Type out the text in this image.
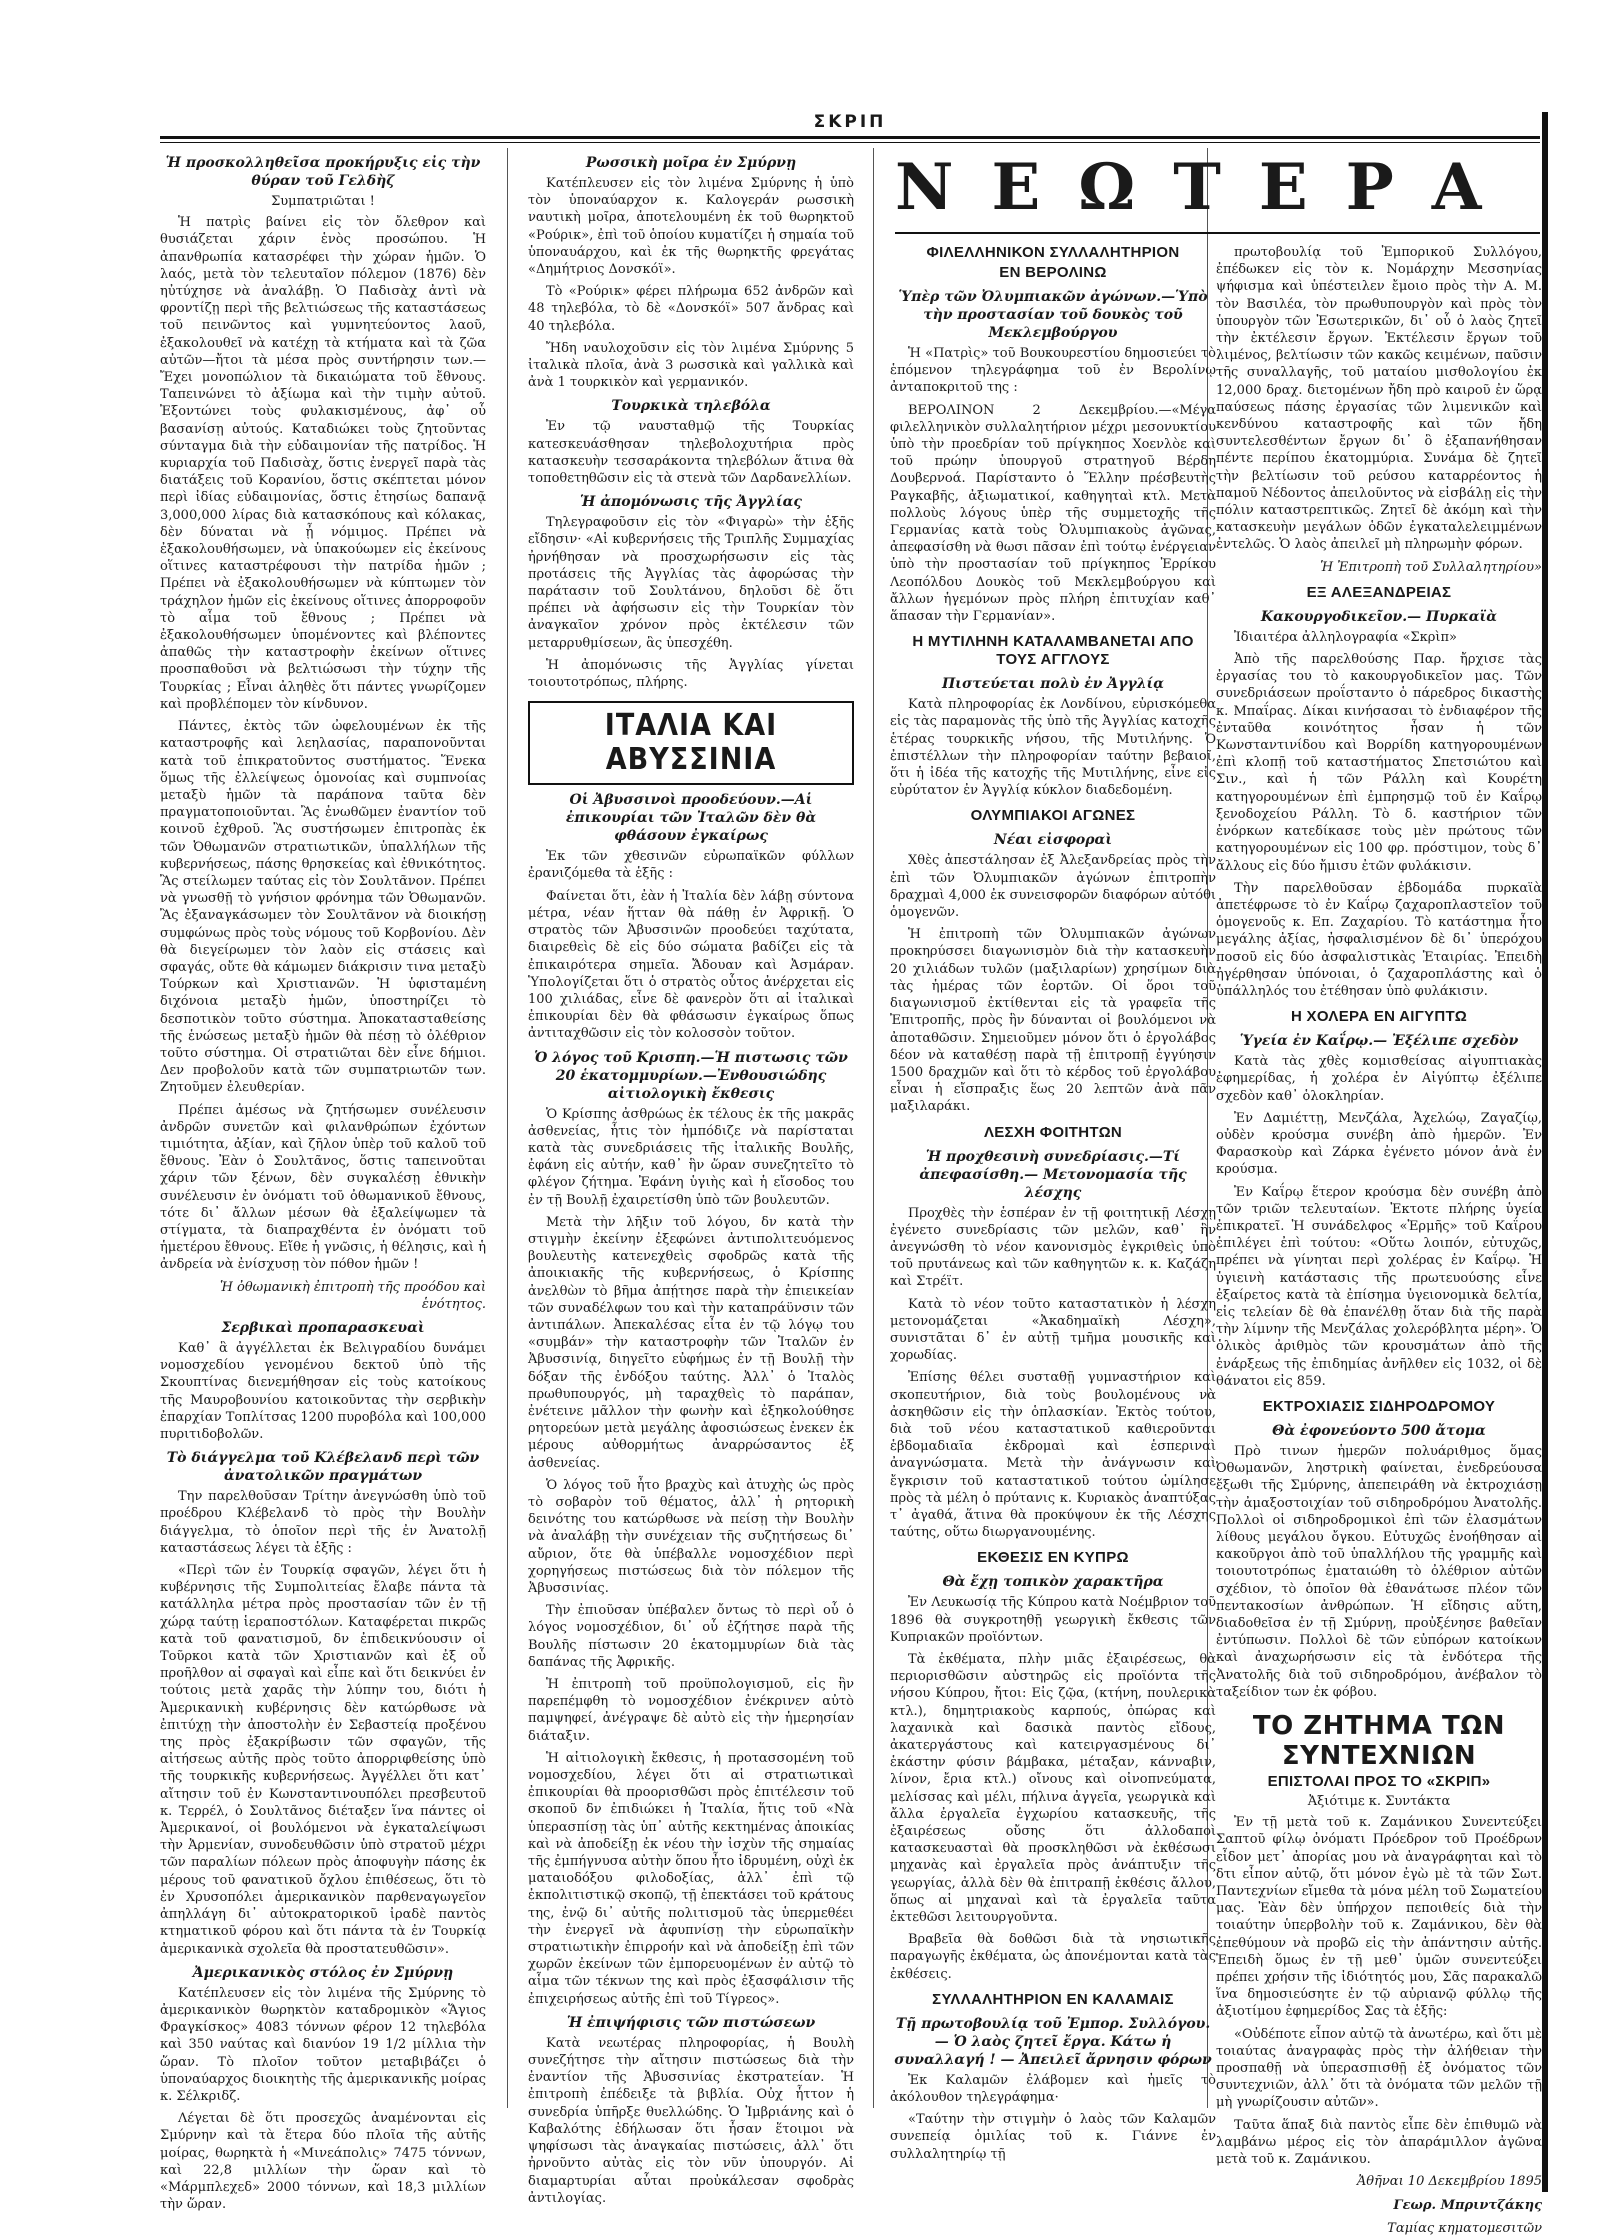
ΣΚΡΙΠ
ΝΕΩΤΕΡΑ
Ἡ προσκολληθεῖσα προκήρυξις εἰς τὴν θύραν τοῦ Γελδὴζ
Συμπατριῶται !

Ἡ πατρὶς βαίνει εἰς τὸν ὄλεθρον καὶ θυσιάζεται χάριν ἑνὸς προσώπου. Ἡ ἀπανθρωπία κατασρέφει τὴν χώραν ἡμῶν. Ὁ λαός, μετὰ τὸν τελευταῖον πόλεμον (1876) δὲν ηὐτύχησε νὰ ἀναλάβῃ. Ὁ Παδισὰχ ἀντὶ νὰ φροντίζῃ περὶ τῆς βελτιώσεως τῆς καταστάσεως τοῦ πεινῶντος καὶ γυμνητεύοντος λαοῦ, ἐξακολουθεῖ νὰ κατέχῃ τὰ κτήματα καὶ τὰ ζῶα αὐτῶν—ἤτοι τὰ μέσα πρὸς συντήρησιν των.—Ἔχει μονοπώλιον τὰ δικαιώματα τοῦ ἔθνους. Ταπεινώνει τὸ ἀξίωμα καὶ τὴν τιμὴν αὐτοῦ. Ἐξοντώνει τοὺς φυλακισμένους, ἀφ᾽ οὗ βασανίσῃ αὐτούς. Καταδιώκει τοὺς ζητοῦντας σύνταγμα διὰ τὴν εὐδαιμονίαν τῆς πατρίδος. Ἡ κυριαρχία τοῦ Παδισὰχ, ὅστις ἐνεργεῖ παρὰ τὰς διατάξεις τοῦ Κορανίου, ὅστις σκέπτεται μόνον περὶ ἰδίας εὐδαιμονίας, ὅστις ἐτησίως δαπανᾷ 3,000,000 λίρας διὰ κατασκόπους καὶ κόλακας, δὲν δύναται νὰ ᾖ νόμιμος. Πρέπει νὰ ἐξακολουθήσωμεν, νὰ ὑπακούωμεν εἰς ἐκείνους οἵτινες καταστρέφουσι τὴν πατρίδα ἡμῶν ; Πρέπει νὰ ἐξακολουθήσωμεν νὰ κύπτωμεν τὸν τράχηλον ἡμῶν εἰς ἐκείνους οἵτινες ἀπορροφοῦν τὸ αἷμα τοῦ ἔθνους ; Πρέπει νὰ ἐξακολουθήσωμεν ὑπομένοντες καὶ βλέποντες ἀπαθῶς τὴν καταστροφὴν ἐκείνων οἵτινες προσπαθοῦσι νὰ βελτιώσωσι τὴν τύχην τῆς Τουρκίας ; Εἶναι ἀληθὲς ὅτι πάντες γνωρίζομεν καὶ προβλέπομεν τὸν κίνδυνον.

Πάντες, ἐκτὸς τῶν ὠφελουμένων ἐκ τῆς καταστροφῆς καὶ λεηλασίας, παραπονοῦνται κατὰ τοῦ ἐπικρατοῦντος συστήματος. Ἕνεκα ὅμως τῆς ἐλλείψεως ὁμονοίας καὶ συμπνοίας μεταξὺ ἡμῶν τὰ παράπονα ταῦτα δὲν πραγματοποιοῦνται. Ἂς ἑνωθῶμεν ἐναντίον τοῦ κοινοῦ ἐχθροῦ. Ἂς συστήσωμεν ἐπιτροπὰς ἐκ τῶν Ὀθωμανῶν στρατιωτικῶν, ὑπαλλήλων τῆς κυβερνήσεως, πάσης θρησκείας καὶ ἐθνικότητος. Ἂς στείλωμεν ταύτας εἰς τὸν Σουλτᾶνον. Πρέπει νὰ γνωσθῇ τὸ γνήσιον φρόνημα τῶν Ὀθωμανῶν. Ἂς ἐξαναγκάσωμεν τὸν Σουλτᾶνον νὰ διοικήσῃ συμφώνως πρὸς τοὺς νόμους τοῦ Κορβονίου. Δὲν θὰ διεγείρωμεν τὸν λαὸν εἰς στάσεις καὶ σφαγάς, οὔτε θὰ κάμωμεν διάκρισιν τινα μεταξὺ Τούρκων καὶ Χριστιανῶν. Ἡ ὑφισταμένη διχόνοια μεταξὺ ἡμῶν, ὑποστηρίζει τὸ δεσποτικὸν τοῦτο σύστημα. Ἀποκατασταθείσης τῆς ἑνώσεως μεταξὺ ἡμῶν θὰ πέσῃ τὸ ὀλέθριον τοῦτο σύστημα. Οἱ στρατιῶται δὲν εἶνε δήμιοι. Δεν προβολοῦν κατὰ τῶν συμπατριωτῶν των. Ζητοῦμεν ἐλευθερίαν.

Πρέπει ἀμέσως νὰ ζητήσωμεν συνέλευσιν ἀνδρῶν συνετῶν καὶ φιλανθρώπων ἐχόντων τιμιότητα, ἀξίαν, καὶ ζῆλον ὑπὲρ τοῦ καλοῦ τοῦ ἔθνους. Ἐὰν ὁ Σουλτᾶνος, ὅστις ταπεινοῦται χάριν τῶν ξένων, δὲν συγκαλέσῃ ἐθνικὴν συνέλευσιν ἐν ὀνόματι τοῦ ὀθωμανικοῦ ἔθνους, τότε δι᾽ ἄλλων μέσων θὰ ἐξαλείψωμεν τὰ στίγματα, τὰ διαπραχθέντα ἐν ὀνόματι τοῦ ἡμετέρου ἔθνους. Εἴθε ἡ γνῶσις, ἡ θέλησις, καὶ ἡ ἀνδρεία νὰ ἐνίσχυσῃ τὸν πόθον ἡμῶν !

Ἡ ὀθωμανικὴ ἐπιτροπὴ τῆς προόδου καὶ ἑνότητος.
Σερβικαὶ προπαρασκευαὶ

Καθ᾽ ἃ ἀγγέλλεται ἐκ Βελιγραδίου δυνάμει νομοσχεδίου γενομένου δεκτοῦ ὑπὸ τῆς Σκουπτίνας διενεμήθησαν εἰς τοὺς κατοίκους τῆς Μαυροβουνίου κατοικοῦντας τὴν σερβικὴν ἐπαρχίαν Τοπλίτσας 1200 πυροβόλα καὶ 100,000 πυριτιδοβολῶν.

Τὸ διάγγελμα τοῦ Κλέβελανδ περὶ τῶν ἀνατολικῶν πραγμάτων

Την παρελθοῦσαν Τρίτην ἀνεγνώσθη ὑπὸ τοῦ προέδρου Κλέβελανδ τὸ πρὸς τὴν Βουλὴν διάγγελμα, τὸ ὁποῖον περὶ τῆς ἐν Ἀνατολῇ καταστάσεως λέγει τὰ ἑξῆς :

«Περὶ τῶν ἐν Τουρκίᾳ σφαγῶν, λέγει ὅτι ἡ κυβέρνησις τῆς Συμπολιτείας ἔλαβε πάντα τὰ κατάλληλα μέτρα πρὸς προστασίαν τῶν ἐν τῇ χώρᾳ ταύτῃ ἱεραποστόλων. Καταφέρεται πικρῶς κατὰ τοῦ φανατισμοῦ, δν ἐπιδεικνύουσιν οἱ Τοῦρκοι κατὰ τῶν Χριστιανῶν καὶ ἐξ οὗ προῆλθον αἱ σφαγαὶ καὶ εἶπε καὶ ὅτι δεικνύει ἐν τούτοις μετὰ χαρᾶς τὴν λύπην του, διότι ἡ Ἀμερικανικὴ κυβέρνησις δὲν κατώρθωσε νὰ ἐπιτύχῃ τὴν ἀποστολὴν ἐν Σεβαστείᾳ προξένου της πρὸς ἐξακρίβωσιν τῶν σφαγῶν, τῆς αἰτήσεως αὐτῆς πρὸς τοῦτο ἀπορριφθείσης ὑπὸ τῆς τουρκικῆς κυβερνήσεως. Ἀγγέλλει ὅτι κατ᾽ αἴτησιν τοῦ ἐν Κωνσταντινουπόλει πρεσβευτοῦ κ. Τερρέλ, ὁ Σουλτᾶνος διέταξεν ἵνα πάντες οἱ Ἀμερικανοί, οἱ βουλόμενοι νὰ ἐγκαταλείψωσι τὴν Ἀρμενίαν, συνοδευθῶσιν ὑπὸ στρατοῦ μέχρι τῶν παραλίων πόλεων πρὸς ἀποφυγὴν πάσης ἐκ μέρους τοῦ φανατικοῦ ὄχλου ἐπιθέσεως, ὅτι τὸ ἐν Χρυσοπόλει ἀμερικανικὸν παρθεναγωγεῖον ἀπηλλάγη δι᾽ αὐτοκρατορικοῦ ἰραδὲ παντὸς κτηματικοῦ φόρου καὶ ὅτι πάντα τὰ ἐν Τουρκίᾳ ἀμερικανικὰ σχολεῖα θὰ προστατευθῶσιν».

Ἀμερικανικὸς στόλος ἐν Σμύρνῃ

Κατέπλευσεν εἰς τὸν λιμένα τῆς Σμύρνης τὸ ἀμερικανικὸν θωρηκτὸν καταδρομικὸν «Ἅγιος Φραγκίσκος» 4083 τόννων φέρον 12 τηλεβόλα καὶ 350 ναύτας καὶ διανύον 19 1/2 μίλλια τὴν ὥραν. Τὸ πλοῖον τοῦτον μεταβιβάζει ὁ ὑποναύαρχος διοικητὴς τῆς ἀμερικανικῆς μοίρας κ. Σέλκριδζ.

Λέγεται δὲ ὅτι προσεχῶς ἀναμένονται εἰς Σμύρνην καὶ τὰ ἕτερα δύο πλοῖα τῆς αὐτῆς μοίρας, θωρηκτὰ ἡ «Μινεάπολις» 7475 τόννων, καὶ 22,8 μιλλίων τὴν ὥραν καὶ τὸ «Μάρμπλεχεδ» 2000 τόννων, καὶ 18,3 μιλλίων τὴν ὥραν.

Ρωσσικὴ μοῖρα ἐν Σμύρνῃ

Κατέπλευσεν εἰς τὸν λιμένα Σμύρνης ἡ ὑπὸ τὸν ὑποναύαρχον κ. Καλογεράν ρωσσικὴ ναυτικὴ μοῖρα, ἀποτελουμένη ἐκ τοῦ θωρηκτοῦ «Ρούρικ», ἐπὶ τοῦ ὁποίου κυματίζει ἡ σημαία τοῦ ὑποναυάρχου, καὶ ἐκ τῆς θωρηκτῆς φρεγάτας «Δημήτριος Δονσκόϊ».

Τὸ «Ρούρικ» φέρει πλήρωμα 652 ἀνδρῶν καὶ 48 τηλεβόλα, τὸ δὲ «Δονσκόϊ» 507 ἄνδρας καὶ 40 τηλεβόλα.

Ἤδη ναυλοχοῦσιν εἰς τὸν λιμένα Σμύρνης 5 ἰταλικὰ πλοῖα, ἀνὰ 3 ρωσσικὰ καὶ γαλλικὰ καὶ ἀνὰ 1 τουρκικὸν καὶ γερμανικόν.

Τουρκικὰ τηλεβόλα

Ἐν τῷ ναυσταθμῷ τῆς Τουρκίας κατεσκευάσθησαν τηλεβολοχυτήρια πρὸς κατασκευὴν τεσσαράκοντα τηλεβόλων ἅτινα θὰ τοποθετηθῶσιν εἰς τὰ στενὰ τῶν Δαρδανελλίων.

Ἡ ἀπομόνωσις τῆς Ἀγγλίας

Τηλεγραφοῦσιν εἰς τὸν «Φιγαρὼ» τὴν ἑξῆς εἴδησιν· «Αἱ κυβερνήσεις τῆς Τριπλῆς Συμμαχίας ἠρνήθησαν νὰ προσχωρήσωσιν εἰς τὰς προτάσεις τῆς Ἀγγλίας τὰς ἀφορώσας τὴν παράτασιν τοῦ Σουλτάνου, δηλοῦσι δὲ ὅτι πρέπει νὰ ἀφήσωσιν εἰς τὴν Τουρκίαν τὸν ἀναγκαῖον χρόνον πρὸς ἐκτέλεσιν τῶν μεταρρυθμίσεων, ἃς ὑπεσχέθη.

Ἡ ἀπομόνωσις τῆς Ἀγγλίας γίνεται τοιουτοτρόπως, πλήρης.

ΙΤΑΛΙΑ ΚΑΙ ΑΒΥΣΣΙΝΙΑ
Οἱ Ἀβυσσινοὶ προοδεύουν.—Αἱ ἐπικουρίαι τῶν Ἰταλῶν δὲν θὰ φθάσουν ἐγκαίρως

Ἐκ τῶν χθεσινῶν εὐρωπαϊκῶν φύλλων ἐρανιζόμεθα τὰ ἑξῆς :

Φαίνεται ὅτι, ἐὰν ἡ Ἰταλία δὲν λάβῃ σύντονα μέτρα, νέαν ἥτταν θὰ πάθῃ ἐν Ἀφρικῇ. Ὁ στρατὸς τῶν Ἀβυσσινῶν προοδεύει ταχύτατα, διαιρεθεὶς δὲ εἰς δύο σώματα βαδίζει εἰς τὰ ἐπικαιρότερα σημεῖα. Ἄδουαν καὶ Ἀσμάραν. Ὑπολογίζεται ὅτι ὁ στρατὸς οὗτος ἀνέρχεται εἰς 100 χιλιάδας, εἶνε δὲ φανερὸν ὅτι αἱ ἰταλικαὶ ἐπικουρίαι δὲν θὰ φθάσωσιν ἐγκαίρως ὅπως ἀντιταχθῶσιν εἰς τὸν κολοσσὸν τοῦτον.

Ὁ λόγος τοῦ Κρισπη.—Ἡ πιστωσις τῶν 20 ἑκατομμυρίων.—Ἐνθουσιώδης αἰτιολογικὴ ἔκθεσις

Ὁ Κρίσπης ἀσθρώως ἐκ τέλους ἐκ τῆς μακρᾶς ἀσθενείας, ἧτις τὸν ἠμπόδιζε νὰ παρίσταται κατὰ τὰς συνεδριάσεις τῆς ἰταλικῆς Βουλῆς, ἐφάνη εἰς αὐτήν, καθ᾽ ἣν ὥραν συνεζητεῖτο τὸ φλέγον ζήτημα. Ἐφάνη ὑγιὴς καὶ ἡ εἴσοδος του ἐν τῇ Βουλῇ ἐχαιρετίσθη ὑπὸ τῶν βουλευτῶν.

Μετὰ τὴν λῆξιν τοῦ λόγου, δν κατὰ τὴν στιγμὴν ἐκείνην ἐξεφώνει ἀντιπολιτευόμενος βουλευτὴς κατενεχθεὶς σφοδρῶς κατὰ τῆς ἀποικιακῆς τῆς κυβερνήσεως, ὁ Κρίσπης ἀνελθὼν τὸ βῆμα ἀπῄτησε παρὰ τὴν ἐπιεικείαν τῶν συναδέλφων του καὶ τὴν καταπράϋνσιν τῶν ἀντιπάλων. Ἀπεκαλέσας εἶτα ἐν τῷ λόγῳ του «συμβάν» τὴν καταστροφὴν τῶν Ἰταλῶν ἐν Ἀβυσσινίᾳ, διηγεῖτο εὐφήμως ἐν τῇ Βουλῇ τὴν δόξαν τῆς ἐνδόξου ταύτης. Ἀλλ᾽ ὁ Ἰταλὸς πρωθυπουργός, μὴ ταραχθεὶς τὸ παράπαν, ἐνέτεινε μᾶλλον τὴν φωνὴν καὶ ἐξηκολούθησε ρητορεύων μετὰ μεγάλης ἀφοσιώσεως ἐνεκεν ἐκ μέρους αὐθορμήτως ἀναρρώσαντος ἐξ ἀσθενείας.

Ὁ λόγος τοῦ ἦτο βραχὺς καὶ ἀτυχὴς ὡς πρὸς τὸ σοβαρὸν τοῦ θέματος, ἀλλ᾽ ἡ ρητορικὴ δεινότης του κατώρθωσε νὰ πείσῃ τὴν Βουλὴν νὰ ἀναλάβῃ τὴν συνέχειαν τῆς συζητήσεως δι᾽ αὔριον, ὅτε θὰ ὑπέβαλλε νομοσχέδιον περὶ χορηγήσεως πιστώσεως διὰ τὸν πόλεμον τῆς Ἀβυσσινίας.

Τὴν ἐπιοῦσαν ὑπέβαλεν ὄντως τὸ περὶ οὗ ὁ λόγος νομοσχέδιον, δι᾽ οὗ ἐζήτησε παρὰ τῆς Βουλῆς πίστωσιν 20 ἑκατομμυρίων διὰ τὰς δαπάνας τῆς Ἀφρικῆς.

Ἡ ἐπιτροπὴ τοῦ προϋπολογισμοῦ, εἰς ἣν παρεπέμφθη τὸ νομοσχέδιον ἐνέκρινεν αὐτὸ παμψηφεί, ἀνέγραψε δὲ αὐτὸ εἰς τὴν ἡμερησίαν διάταξιν.

Ἡ αἰτιολογικὴ ἔκθεσις, ἡ προτασσομένη τοῦ νομοσχεδίου, λέγει ὅτι αἱ στρατιωτικαὶ ἐπικουρίαι θὰ προορισθῶσι πρὸς ἐπιτέλεσιν τοῦ σκοποῦ δν ἐπιδιώκει ἡ Ἰταλία, ἥτις τοῦ «Νὰ ὑπερασπίσῃ τὰς ὑπ᾽ αὐτῆς κεκτημένας ἀποικίας καὶ νὰ ἀποδείξῃ ἐκ νέου τὴν ἰσχὺν τῆς σημαίας τῆς ἐμπήγνυσα αὐτὴν ὅπου ἦτο ἰδρυμένη, οὐχὶ ἐκ ματαιοδόξου φιλοδοξίας, ἀλλ᾽ ἐπὶ τῷ ἐκπολιτιστικῷ σκοπῷ, τῇ ἐπεκτάσει τοῦ κράτους της, ἐνῷ δι᾽ αὐτῆς πολιτισμοῦ τὰς ὑπερμεθέει τὴν ἐνεργεῖ νὰ ἀφυπνίσῃ τὴν εὐρωπαϊκὴν στρατιωτικὴν ἐπιρροήν καὶ νὰ ἀποδείξῃ ἐπὶ τῶν χωρῶν ἐκείνων τῶν ἐμπορευομένων ἐν αὐτῷ τὸ αἷμα τῶν τέκνων της καὶ πρὸς ἐξασφάλισιν τῆς ἐπιχειρήσεως αὐτῆς ἐπὶ τοῦ Τίγρεος».

Ἡ ἐπιψήφισις τῶν πιστώσεων

Κατὰ νεωτέρας πληροφορίας, ἡ Βουλὴ συνεζήτησε τὴν αἴτησιν πιστώσεως διὰ τὴν ἐναντίον τῆς Ἀβυσσινίας ἐκστρατείαν. Ἡ ἐπιτροπὴ ἐπέδειξε τὰ βιβλία. Οὐχ ἧττον ἡ συνεδρία ὑπῆρξε θυελλώδης. Ὁ Ἰμβριάνης καὶ ὁ Καβαλότης ἐδήλωσαν ὅτι ἦσαν ἕτοιμοι νὰ ψηφίσωσι τὰς ἀναγκαίας πιστώσεις, ἀλλ᾽ ὅτι ἠρνοῦντο αὐτὰς εἰς τὸν νῦν ὑπουργόν. Αἱ διαμαρτυρίαι αὗται προὐκάλεσαν σφοδρὰς ἀντιλογίας.

ΦΙΛΕΛΛΗΝΙΚΟΝ ΣΥΛΛΑΛΗΤΗΡΙΟΝ
ΕΝ ΒΕΡΟΛΙΝΩ
Ὑπὲρ τῶν Ὀλυμπιακῶν ἀγώνων.—Ὑπὸ τὴν προστασίαν τοῦ δουκὸς τοῦ Μεκλεμβούργου

Ἡ «Πατρὶς» τοῦ Βουκουρεστίου δημοσιεύει τὸ ἑπόμενον τηλεγράφημα τοῦ ἐν Βερολίνῳ ἀνταποκριτοῦ της :

ΒΕΡΟΛΙΝΟΝ 2 Δεκεμβρίου.—«Μέγα φιλελληνικὸν συλλαλητήριον μέχρι μεσονυκτίου ὑπὸ τὴν προεδρίαν τοῦ πρίγκηπος Χοενλὸε καὶ τοῦ πρώην ὑπουργοῦ στρατηγοῦ Βέρδη Δουβερνοά. Παρίσταντο ὁ Ἕλλην πρέσβευτὴς Ραγκαβῆς, ἀξιωματικοί, καθηγηταὶ κτλ. Μετὰ πολλοὺς λόγους ὑπὲρ τῆς συμμετοχῆς τῆς Γερμανίας κατὰ τοὺς Ὀλυμπιακοὺς ἀγῶνας, ἀπεφασίσθη νὰ θωσι πᾶσαν ἐπὶ τούτῳ ἐνέργειαν ὑπὸ τὴν προστασίαν τοῦ πρίγκηπος Ἐρρίκου Λεοπόλδου Δουκὸς τοῦ Μεκλεμβούργου καὶ ἄλλων ἡγεμόνων πρὸς πλήρη ἐπιτυχίαν καθ᾽ ἅπασαν τὴν Γερμανίαν».

Η ΜΥΤΙΛΗΝΗ ΚΑΤΑΛΑΜΒΑΝΕΤΑΙ ΑΠΟ ΤΟΥΣ ΑΓΓΛΟΥΣ
Πιστεύεται πολὺ ἐν Ἀγγλίᾳ

Κατὰ πληροφορίας ἐκ Λονδίνου, εὑρισκόμεθα εἰς τὰς παραμονὰς τῆς ὑπὸ τῆς Ἀγγλίας κατοχῆς ἑτέρας τουρκικῆς νήσου, τῆς Μυτιλήνης. Ὁ ἐπιστέλλων τὴν πληροφορίαν ταύτην βεβαιοῖ, ὅτι ἡ ἰδέα τῆς κατοχῆς τῆς Μυτιλήνης, εἶνε εἰς εὐρύτατον ἐν Ἀγγλίᾳ κύκλον διαδεδομένη.

ΟΛΥΜΠΙΑΚΟΙ ΑΓΩΝΕΣ
Νέαι εἰσφοραὶ

Χθὲς ἀπεστάλησαν ἐξ Ἀλεξανδρείας πρὸς τὴν ἐπὶ τῶν Ὀλυμπιακῶν ἀγώνων ἐπιτροπὴν δραχμαὶ 4,000 ἐκ συνεισφορῶν διαφόρων αὐτόθι ὁμογενῶν.

Ἡ ἐπιτροπὴ τῶν Ὀλυμπιακῶν ἀγώνων προκηρύσσει διαγωνισμὸν διὰ τὴν κατασκευὴν 20 χιλιάδων τυλῶν (μαξιλαρίων) χρησίμων διὰ τὰς ἡμέρας τῶν ἑορτῶν. Οἱ ὅροι τοῦ διαγωνισμοῦ ἐκτίθενται εἰς τὰ γραφεῖα τῆς Ἐπιτροπῆς, πρὸς ἣν δύνανται οἱ βουλόμενοι νὰ ἀποταθῶσιν. Σημειοῦμεν μόνον ὅτι ὁ ἐργολάβος δέον νὰ καταθέσῃ παρὰ τῇ ἐπιτροπῇ ἐγγύησιν 1500 δραχμῶν καὶ ὅτι τὸ κέρδος τοῦ ἐργολάβου εἶναι ἡ εἴσπραξις ἕως 20 λεπτῶν ἀνὰ πᾶν μαξιλαράκι.

ΛΕΣΧΗ ΦΟΙΤΗΤΩΝ
Ἡ προχθεσινὴ συνεδρίασις.—Τί ἀπεφασίσθη.— Μετονομασία τῆς λέσχης

Προχθὲς τὴν ἑσπέραν ἐν τῇ φοιτητικῇ Λέσχῃ ἐγένετο συνεδρίασις τῶν μελῶν, καθ᾽ ἣν ἀνεγνώσθη τὸ νέον κανονισμὸς ἐγκριθεὶς ὑπὸ τοῦ πρυτάνεως καὶ τῶν καθηγητῶν κ. κ. Καζάζη καὶ Στρέϊτ.

Κατὰ τὸ νέον τοῦτο καταστατικὸν ἡ λέσχη μετονομάζεται «Ἀκαδημαϊκὴ Λέσχη», συνιστᾶται δ᾽ ἐν αὐτῇ τμῆμα μουσικῆς καὶ χορωδίας.

Ἐπίσης θέλει συσταθῇ γυμναστήριον καὶ σκοπευτήριον, διὰ τοὺς βουλομένους νὰ ἀσκηθῶσιν εἰς τὴν ὁπλασκίαν. Ἐκτὸς τούτου, διὰ τοῦ νέου καταστατικοῦ καθιεροῦνται ἑβδομαδιαῖα ἐκδρομαὶ καὶ ἑσπεριναὶ ἀναγνώσματα. Μετὰ τὴν ἀνάγνωσιν καὶ ἔγκρισιν τοῦ καταστατικοῦ τούτου ὡμίλησε πρὸς τὰ μέλη ὁ πρύτανις κ. Κυριακὸς ἀναπτύξας τ᾽ ἀγαθά, ἅτινα θὰ προκύψουν ἐκ τῆς Λέσχης ταύτης, οὕτω διωργανουμένης.

ΕΚΘΕΣΙΣ ΕΝ ΚΥΠΡΩ
Θὰ ἔχῃ τοπικὸν χαρακτῆρα

Ἐν Λευκωσίᾳ τῆς Κύπρου κατὰ Νοέμβριον τοῦ 1896 θὰ συγκροτηθῇ γεωργικὴ ἔκθεσις τῶν Κυπριακῶν προϊόντων.

Τὰ ἐκθέματα, πλὴν μιᾶς ἐξαιρέσεως, θὰ περιορισθῶσιν αὐστηρῶς εἰς προϊόντα τῆς νήσου Κύπρου, ἤτοι: Εἰς ζῷα, (κτήνη, πουλερικὰ κτλ.), δημητριακοὺς καρπούς, ὀπώρας καὶ λαχανικὰ καὶ δασικὰ παντὸς εἴδους, ἀκατεργάστους καὶ κατειργασμένους δι᾽ ἑκάστην φύσιν βάμβακα, μέταξαν, κάνναβιν, λίνον, ἔρια κτλ.) οἴνους καὶ οἰνοπνεύματα, μελίσσας καὶ μέλι, πήλινα ἀγγεῖα, γεωργικὰ καὶ ἄλλα ἐργαλεῖα ἐγχωρίου κατασκευῆς, τῆς ἐξαιρέσεως οὔσης ὅτι ἀλλοδαποὶ κατασκευασταὶ θὰ προσκληθῶσι νὰ ἐκθέσωσι μηχανὰς καὶ ἐργαλεῖα πρὸς ἀνάπτυξιν τῆς γεωργίας, ἀλλὰ δὲν θὰ ἐπιτραπῇ ἐκθέσις ἄλλου, ὅπως αἱ μηχαναὶ καὶ τὰ ἐργαλεῖα ταῦτα ἐκτεθῶσι λειτουργοῦντα.

Βραβεῖα θὰ δοθῶσι διὰ τὰ νησιωτικῆς παραγωγῆς ἐκθέματα, ὡς ἀπονέμονται κατὰ τὰς ἐκθέσεις.

ΣΥΛΛΑΛΗΤΗΡΙΟΝ ΕΝ ΚΑΛΑΜΑΙΣ
Τῇ πρωτοβουλίᾳ τοῦ Ἐμπορ. Συλλόγου.— Ὁ λαὸς ζητεῖ ἔργα. Κάτω ἡ συναλλαγή ! — Ἀπειλεῖ ἄρνησιν φόρων

Ἐκ Καλαμῶν ἐλάβομεν καὶ ἠμεῖς τὸ ἀκόλουθον τηλεγράφημα·

«Ταύτην τὴν στιγμὴν ὁ λαὸς τῶν Καλαμῶν συνεπείᾳ ὁμιλίας τοῦ κ. Γιάννε ἐν συλλαλητηρίῳ τῇ

πρωτοβουλίᾳ τοῦ Ἐμπορικοῦ Συλλόγου, ἐπέδωκεν εἰς τὸν κ. Νομάρχην Μεσσηνίας ψήφισμα καὶ ὑπέστειλεν ἔμοιο πρὸς τὴν Α. Μ. τὸν Βασιλέα, τὸν πρωθυπουργὸν καὶ πρὸς τὸν ὑπουργὸν τῶν Ἐσωτερικῶν, δι᾽ οὗ ὁ λαὸς ζητεῖ τὴν ἐκτέλεσιν ἔργων. Ἐκτέλεσιν ἔργων τοῦ λιμένος, βελτίωσιν τῶν κακῶς κειμένων, παῦσιν τῆς συναλλαγῆς, τοῦ ματαίου μισθολογίου ἐκ 12,000 δραχ. διετομένων ἤδη πρὸ καιροῦ ἐν ὥρᾳ παύσεως πάσης ἐργασίας τῶν λιμενικῶν καὶ κενδύνου καταστροφῆς καὶ τῶν ἤδη συντελεσθέντων ἔργων δι᾽ ὃ ἐξαπανήθησαν πέντε περίπου ἑκατομμύρια. Συνάμα δὲ ζητεῖ τὴν βελτίωσιν τοῦ ρεύσου καταρρέοντος ἡ παμοῦ Νέδοντος ἀπειλοῦντος νὰ εἰσβάλῃ εἰς τὴν πόλιν καταστρεπτικῶς. Ζητεῖ δὲ ἀκόμη καὶ τὴν κατασκευὴν μεγάλων ὁδῶν ἐγκαταλελειμμένων ἐντελῶς. Ὁ λαὸς ἀπειλεῖ μὴ πληρωμὴν φόρων.

Ἡ Ἐπιτροπὴ τοῦ Συλλαλητηρίου»
ΕΞ ΑΛΕΞΑΝΔΡΕΙΑΣ
Κακουργοδικεῖον.— Πυρκαϊὰ

Ἰδιαιτέρα ἀλληλογραφία «Σκρὶπ»

Ἀπὸ τῆς παρελθούσης Παρ. ἤρχισε τὰς ἐργασίας του τὸ κακουργοδικεῖον μας. Τῶν συνεδριάσεων προΐσταντο ὁ πάρεδρος δικαστὴς κ. Μπαΐρας. Δίκαι κινήσασαι τὸ ἐνδιαφέρον τῆς ἐνταῦθα κοινότητος ἦσαν ἡ τῶν Κωνσταντινίδου καὶ Βορρίδη κατηγορουμένων ἐπὶ κλοπῇ τοῦ καταστήματος Σπετσιώτου καὶ Σιν., καὶ ἡ τῶν Ράλλη καὶ Κουρέτη κατηγορουμένων ἐπὶ ἐμπρησμῷ τοῦ ἐν Καΐρῳ ξενοδοχείου Ράλλη. Τὸ δ. καστήριον τῶν ἐνόρκων κατεδίκασε τοὺς μὲν πρώτους τῶν κατηγορουμένων εἰς 100 φρ. πρόστιμον, τοὺς δ᾽ ἄλλους εἰς δύο ἤμισυ ἐτῶν φυλάκισιν.

Τὴν παρελθοῦσαν ἑβδομάδα πυρκαϊὰ ἀπετέφρωσε τὸ ἐν Καΐρῳ ζαχαροπλαστεῖον τοῦ ὁμογενοῦς κ. Επ. Ζαχαρίου. Τὸ κατάστημα ἦτο μεγάλης ἀξίας, ἠσφαλισμένον δὲ δι᾽ ὑπερόχου ποσοῦ εἰς δύο ἀσφαλιστικὰς Ἑταιρίας. Ἐπειδὴ ἠγέρθησαν ὑπόνοιαι, ὁ ζαχαροπλάστης καὶ ὁ ὑπάλληλός του ἐτέθησαν ὑπὸ φυλάκισιν.

Η ΧΟΛΕΡΑ ΕΝ ΑΙΓΥΠΤΩ
Ὑγεία ἐν Καΐρῳ.— Ἐξέλιπε σχεδὸν

Κατὰ τὰς χθὲς κομισθείσας αἰγυπτιακὰς ἐφημερίδας, ἡ χολέρα ἐν Αἰγύπτῳ ἐξέλιπε σχεδὸν καθ᾽ ὁλοκληρίαν.

Ἐν Δαμιέττῃ, Μενζάλα, Ἀχελώῳ, Ζαγαζίῳ, οὐδὲν κρούσμα συνέβη ἀπὸ ἡμερῶν. Ἐν Φαρασκοὺρ καὶ Ζάρκα ἐγένετο μόνον ἀνὰ ἐν κρούσμα.

Ἐν Καΐρῳ ἕτερον κρούσμα δὲν συνέβη ἀπὸ τῶν τριῶν τελευταίων. Ἐκτοτε πλήρης ὑγεία ἐπικρατεῖ. Ἡ συνάδελφος «Ἑρμῆς» τοῦ Καΐρου ἐπιλέγει ἐπὶ τούτου: «Οὕτω λοιπόν, εὐτυχῶς, πρέπει νὰ γίνηται περὶ χολέρας ἐν Καΐρῳ. Ἡ ὑγιεινὴ κατάστασις τῆς πρωτευούσης εἶνε ἐξαίρετος κατὰ τὰ ἐπίσημα ὑγειονομικὰ δελτία, εἰς τελείαν δὲ θὰ ἐπανέλθῃ ὅταν διὰ τῆς παρὰ τὴν λίμνην τῆς Μενζάλας χολερόβλητα μέρη». Ὁ ὁλικὸς ἀριθμὸς τῶν κρουσμάτων ἀπὸ τῆς ἐνάρξεως τῆς ἐπιδημίας ἀνῆλθεν εἰς 1032, οἱ δὲ θάνατοι εἰς 859.

ΕΚΤΡΟΧΙΑΣΙΣ ΣΙΔΗΡΟΔΡΟΜΟΥ
Θὰ ἐφονεύοντο 500 ἄτομα

Πρὸ τινων ἡμερῶν πολυάριθμος ὅμας Ὀθωμανῶν, ληστρικὴ φαίνεται, ἐνεδρεύουσα ἔξωθι τῆς Σμύρνης, ἀπεπειράθη νὰ ἐκτροχιάσῃ τὴν ἀμαξοστοιχίαν τοῦ σιδηροδρόμου Ἀνατολῆς. Πολλοὶ οἱ σιδηροδρομικοὶ ἐπὶ τῶν ἐλασμάτων λίθους μεγάλου ὄγκου. Εὐτυχῶς ἐνοήθησαν αἱ κακοῦργοι ἀπὸ τοῦ ὑπαλλήλου τῆς γραμμῆς καὶ τοιουτοτρόπως ἐματαιώθη τὸ ὀλέθριον αὐτῶν σχέδιον, τὸ ὁποῖον θὰ ἐθανάτωσε πλέον τῶν πεντακοσίων ἀνθρώπων. Ἡ εἴδησις αὕτη, διαδοθεῖσα ἐν τῇ Σμύρνῃ, προὐξένησε βαθεῖαν ἐντύπωσιν. Πολλοὶ δὲ τῶν εὐπόρων κατοίκων καὶ ἀναχωρήσωσιν εἰς τὰ ἐνδότερα τῆς Ἀνατολῆς διὰ τοῦ σιδηροδρόμου, ἀνέβαλον τὸ ταξείδιον των ἐκ φόβου.

ΤΟ ΖΗΤΗΜΑ ΤΩΝ ΣΥΝΤΕΧΝΙΩΝ
ΕΠΙΣΤΟΛΑΙ ΠΡΟΣ ΤΟ «ΣΚΡΙΠ»
Ἀξιότιμε κ. Συντάκτα

Ἐν τῇ μετὰ τοῦ κ. Ζαμάνικου Συνεντεύξει Σαπτοῦ φίλῳ ὀνόματι Πρόεδρον τοῦ Προέδρων εἶδον μετ᾽ ἀπορίας μου νὰ ἀναγράφηται καὶ τὸ δτι εἶπον αὐτῷ, ὅτι μόνον ἐγὼ μὲ τὰ τῶν Σωτ. Παντεχνίων εἴμεθα τὰ μόνα μέλη τοῦ Σωματείου μας. Ἐὰν δὲν ὑπήρχον πεποιθείς διὰ τὴν τοιαύτην ὑπερβολὴν τοῦ κ. Ζαμάνικου, δὲν θὰ ἐπεθύμουν νὰ προβῶ εἰς τὴν ἀπάντησιν αὐτῆς. Ἐπειδὴ ὅμως ἐν τῇ μεθ᾽ ὑμῶν συνεντεύξει πρέπει χρήσιν τῆς ἰδιότητός μου, Σᾶς παρακαλῶ ἵνα δημοσιεύσητε ἐν τῷ αὐριανῷ φύλλῳ τῆς ἀξιοτίμου ἐφημερίδος Σας τὰ ἑξῆς:

«Οὐδέποτε εἶπον αὐτῷ τὰ ἀνωτέρω, καὶ ὅτι μὲ τοιαύτας ἀναγραφὰς πρὸς τὴν ἀλήθειαν τὴν προσπαθῇ νὰ ὑπερασπισθῇ ἐξ ὀνόματος τῶν συντεχνιῶν, ἀλλ᾽ ὅτι τὰ ὀνόματα τῶν μελῶν τῇ μὴ γνωρίζουσιν αὐτῶν».

Ταῦτα ἅπαξ διὰ παντὸς εἶπε δὲν ἐπιθυμῶ νὰ λαμβάνω μέρος εἰς τὸν ἀπαράμιλλον ἀγῶνα μετὰ τοῦ κ. Ζαμάνικου.

Ἀθῆναι 10 Δεκεμβρίου 1895
Γεωρ. Μπριντζάκης
Ταμίας κηματομεσιτῶν
